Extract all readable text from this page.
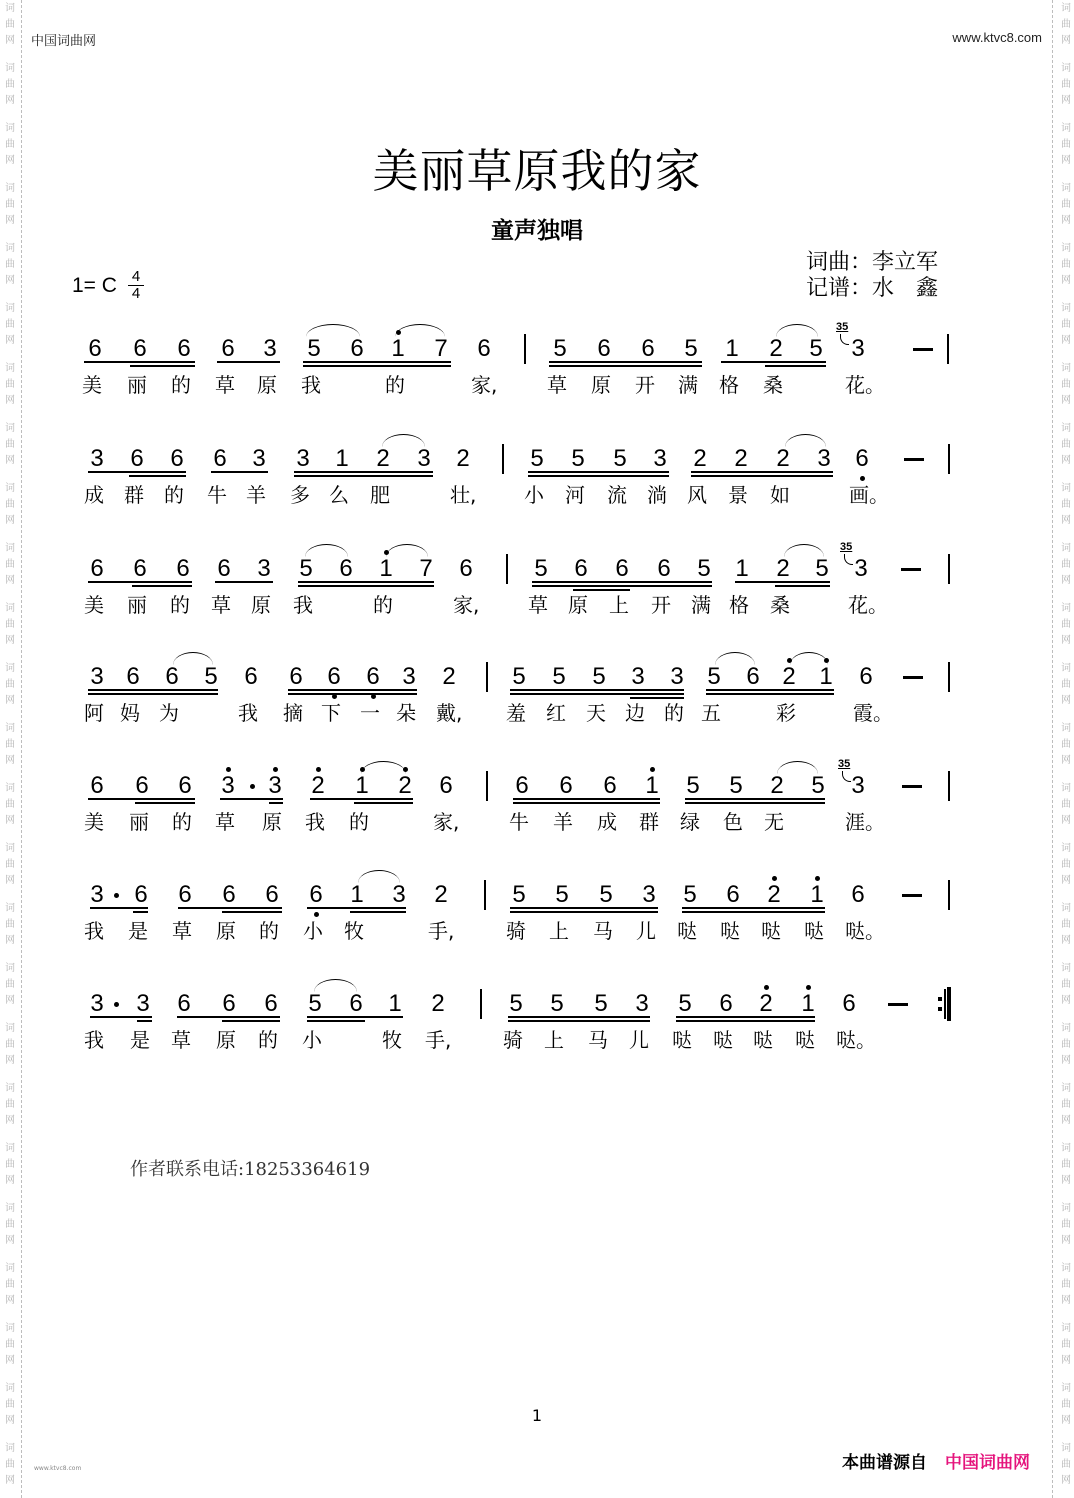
词
曲
网
词
曲
网
词
曲
网
词
曲
网
词
曲
网
词
曲
网
词
曲
网
词
曲
网
词
曲
网
词
曲
网
词
曲
网
词
曲
网
词
曲
网
词
曲
网
词
曲
网
词
曲
网
词
曲
网
词
曲
网
词
曲
网
词
曲
网
词
曲
网
词
曲
网
词
曲
网
词
曲
网
词
曲
网
词
曲
网
词
曲
网
词
曲
网
词
曲
网
词
曲
网
词
曲
网
词
曲
网
词
曲
网
词
曲
网
词
曲
网
词
曲
网
词
曲
网
词
曲
网
词
曲
网
词
曲
网
词
曲
网
词
曲
网
词
曲
网
词
曲
网
词
曲
网
词
曲
网
词
曲
网
词
曲
网
词
曲
网
词
曲
网
中国词曲网	www.ktvc8.com
美丽草原我的家
童声独唱
1= C 4
4
词曲：李立军
记谱：水　鑫
6
美
6
丽
6
的
6
草
3
原
5
我
6 1
的
7 6
家,
5
草
6
原
6
开
5
满
1
格
2
桑
5 3
花。
35
3
成
6
群
6
的
6
牛
3
羊
3
多
1
么
2
肥
3 2
壮,
5
小
5
河
5
流
3
淌
2
风
2
景
2
如
3 6
画。
6
美
6
丽
6
的
6
草
3
原
5
我
6 1
的
7 6
家,
5
草
6
原
6
上
6
开
5
满
1
格
2
桑
5 3
花。
35
3
阿
6
妈
6
为
5 6
我
6
摘
6
下
6
一
3
朵
2
戴,
5
羞
5
红
5
天
3
边
3
的
5
五
6 2
彩
1 6
霞。
6
美
6
丽
6
的
3
草
3
原
2
我
1
的
2 6
家,
6
牛
6
羊
6
成
1
群
5
绿
5
色
2
无
5 3
涯。
35
3
我
6
是
6
草
6
原
6
的
6
小
1
牧
3 2
手,
5
骑
5
上
5
马
3
儿
5
哒
6
哒
2
哒
1
哒
6
哒。
3
我
3
是
6
草
6
原
6
的
5
小
6 1
牧
2
手,
5
骑
5
上
5
马
3
儿
5
哒
6
哒
2
哒
1
哒
6
哒。
作者联系电话:18253364619
1
www.ktvc8.com	本曲谱源自 中国词曲网
